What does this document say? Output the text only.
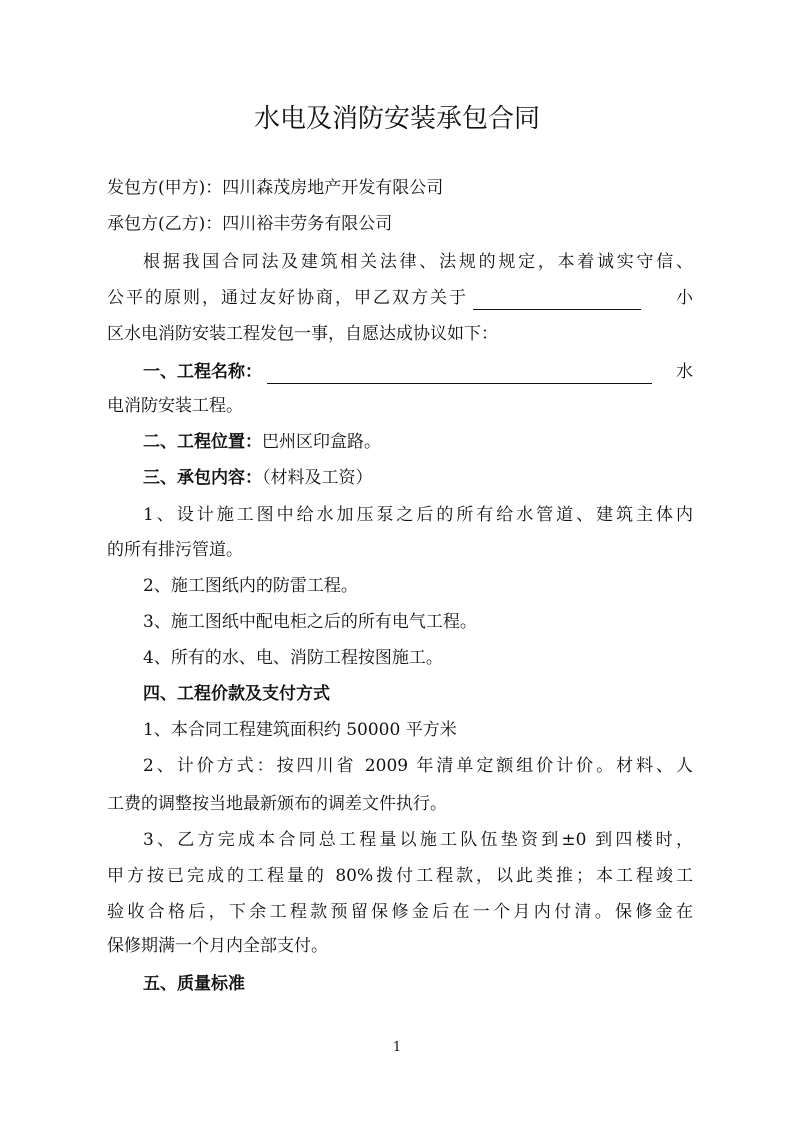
水电及消防安装承包合同
发包方(甲方)：四川森茂房地产开发有限公司
承包方(乙方)：四川裕丰劳务有限公司
根据我国合同法及建筑相关法律、法规的规定，本着诚实守信、
公平的原则，通过友好协商，甲乙双方关于	小
区水电消防安装工程发包一事，自愿达成协议如下：
一、工程名称：	水
电消防安装工程。
二、工程位置：巴州区印盒路。
三、承包内容：（材料及工资）
1、设计施工图中给水加压泵之后的所有给水管道、建筑主体内
的所有排污管道。
2、施工图纸内的防雷工程。
3、施工图纸中配电柜之后的所有电气工程。
4、所有的水、电、消防工程按图施工。
四、工程价款及支付方式
1、本合同工程建筑面积约 50000 平方米
2、计价方式：按四川省 2009 年清单定额组价计价。材料、人
工费的调整按当地最新颁布的调差文件执行。
3、乙方完成本合同总工程量以施工队伍垫资到±0 到四楼时，
甲方按已完成的工程量的 80%拨付工程款，以此类推；本工程竣工
验收合格后，下余工程款预留保修金后在一个月内付清。保修金在
保修期满一个月内全部支付。
五、质量标准
1
